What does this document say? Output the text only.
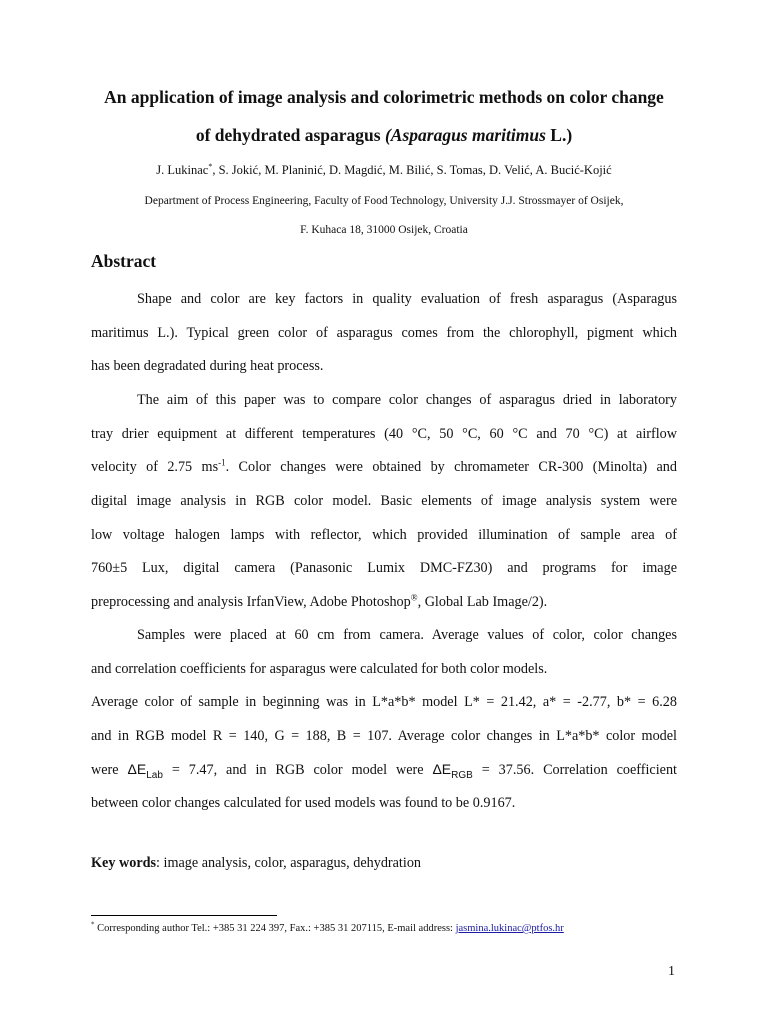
An application of image analysis and colorimetric methods on color change
of dehydrated asparagus (Asparagus maritimus L.)
J. Lukinac*, S. Jokić, M. Planinić, D. Magdić, M. Bilić, S. Tomas, D. Velić, A. Bucić-Kojić
Department of Process Engineering, Faculty of Food Technology, University J.J. Strossmayer of Osijek,
F. Kuhaca 18, 31000 Osijek, Croatia
Abstract
Shape and color are key factors in quality evaluation of fresh asparagus (Asparagus
maritimus L.). Typical green color of asparagus comes from the chlorophyll, pigment which
has been degradated during heat process.
The aim of this paper was to compare color changes of asparagus dried in laboratory
tray drier equipment at different temperatures (40 °C, 50 °C, 60 °C and 70 °C) at airflow
velocity of 2.75 $ms^{-1}$. Color changes were obtained by chromameter CR-300 (Minolta) and
digital image analysis in RGB color model. Basic elements of image analysis system were
low voltage halogen lamps with reflector, which provided illumination of sample area of
760±5 Lux, digital camera (Panasonic Lumix DMC-FZ30) and programs for image
preprocessing and analysis IrfanView, Adobe Photoshop®, Global Lab Image/2).
Samples were placed at 60 cm from camera. Average values of color, color changes
and correlation coefficients for asparagus were calculated for both color models.
Average color of sample in beginning was in L*a*b* model L* = 21.42, a* = -2.77, b* = 6.28
and in RGB model R = 140, G = 188, B = 107. Average color changes in L*a*b* color model
were $\Delta E_{Lab} = 7.47$, and in RGB color model were $\Delta E_{RGB} = 37.56$. Correlation coefficient
between color changes calculated for used models was found to be 0.9167.
Key words: image analysis, color, asparagus, dehydration
* Corresponding author Tel.: +385 31 224 397, Fax.: +385 31 207115, E-mail address: jasmina.lukinac@ptfos.hr
1
